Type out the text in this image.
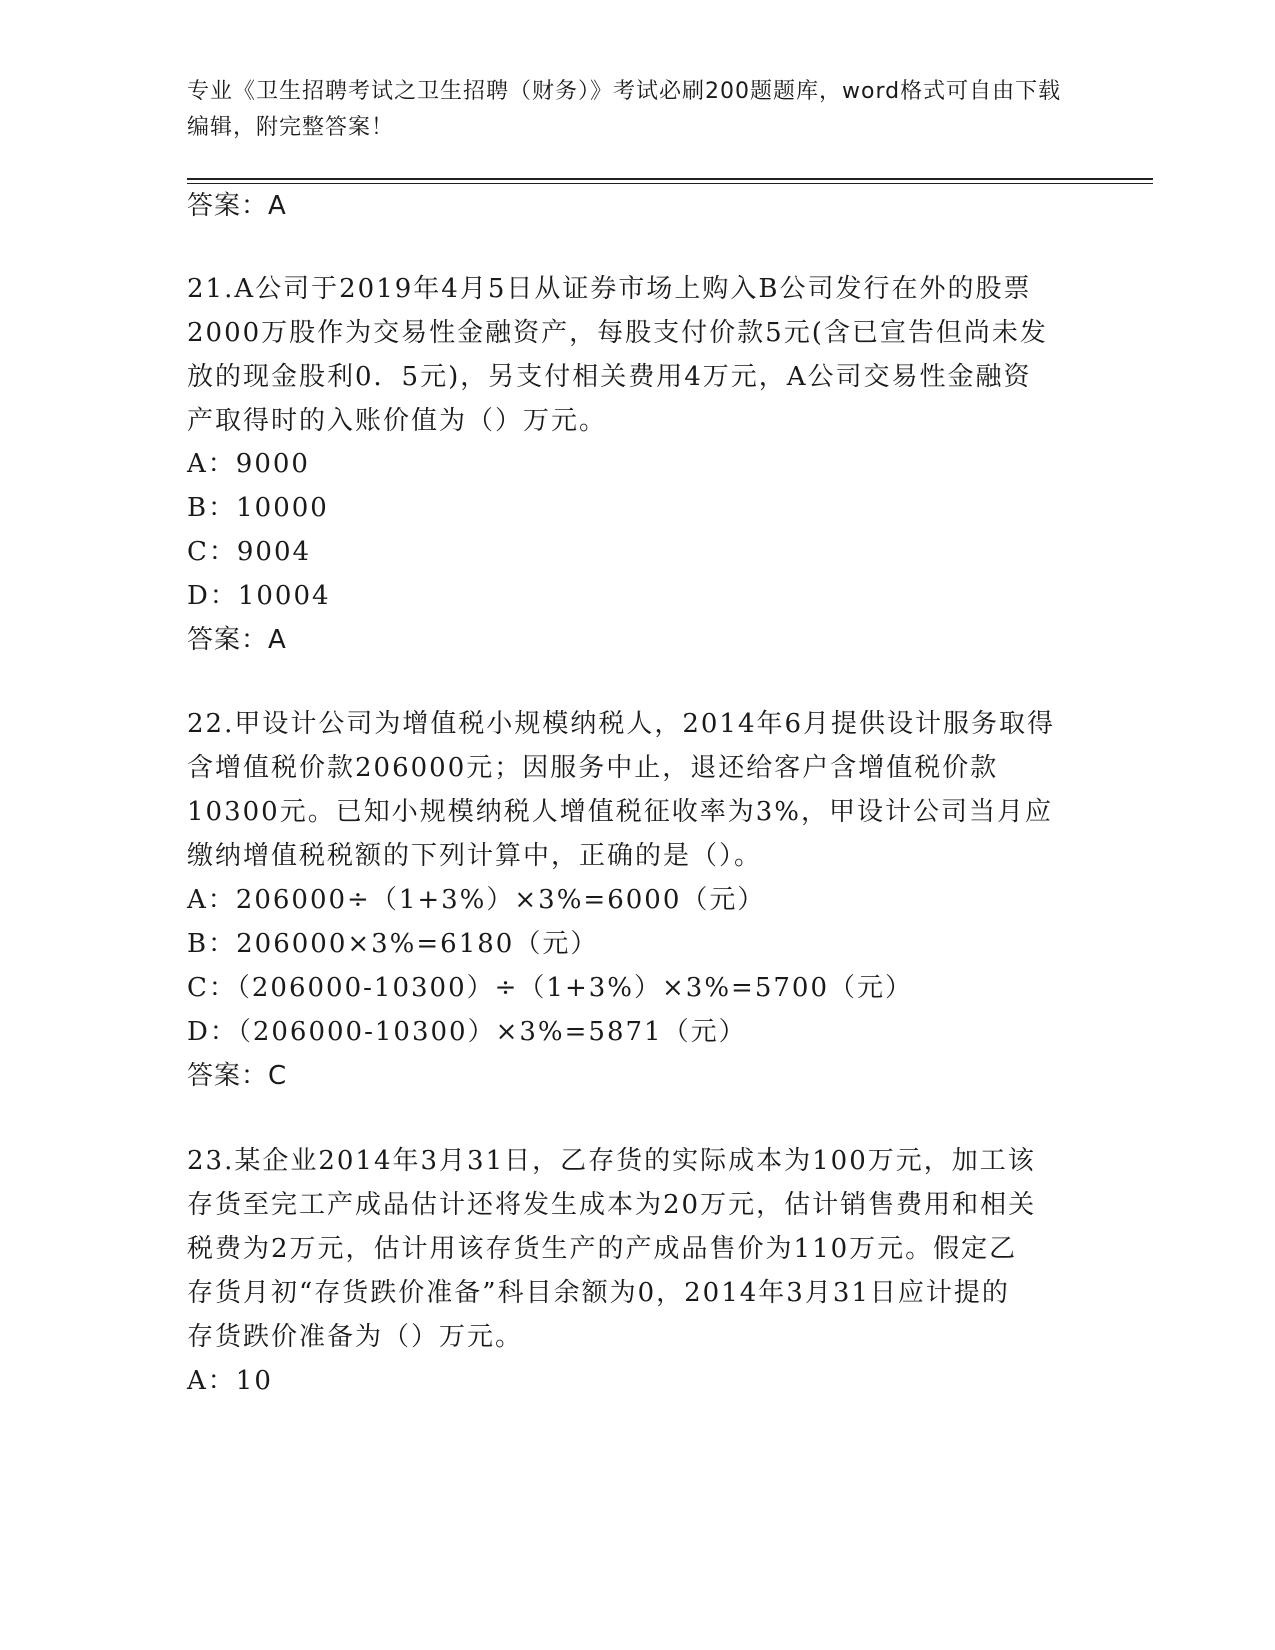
专业《卫生招聘考试之卫生招聘（财务）》考试必刷200题题库，word格式可自由下载编辑，附完整答案！

答案：A

21.A公司于2019年4月5日从证券市场上购入B公司发行在外的股票

2000万股作为交易性金融资产，每股支付价款5元(含已宣告但尚未发

放的现金股利0．5元)，另支付相关费用4万元，A公司交易性金融资

产取得时的入账价值为（）万元。

A：9000

B：10000

C：9004

D：10004

答案：A

22.甲设计公司为增值税小规模纳税人，2014年6月提供设计服务取得

含增值税价款206000元；因服务中止，退还给客户含增值税价款

10300元。已知小规模纳税人增值税征收率为3%，甲设计公司当月应

缴纳增值税税额的下列计算中，正确的是（）。

A：206000÷（1+3%）×3%=6000（元）

B：206000×3%=6180（元）

C：（206000-10300）÷（1+3%）×3%=5700（元）

D：（206000-10300）×3%=5871（元）

答案：C

23.某企业2014年3月31日，乙存货的实际成本为100万元，加工该

存货至完工产成品估计还将发生成本为20万元，估计销售费用和相关

税费为2万元，估计用该存货生产的产成品售价为110万元。假定乙

存货月初“存货跌价准备”科目余额为0，2014年3月31日应计提的

存货跌价准备为（）万元。

A：10
